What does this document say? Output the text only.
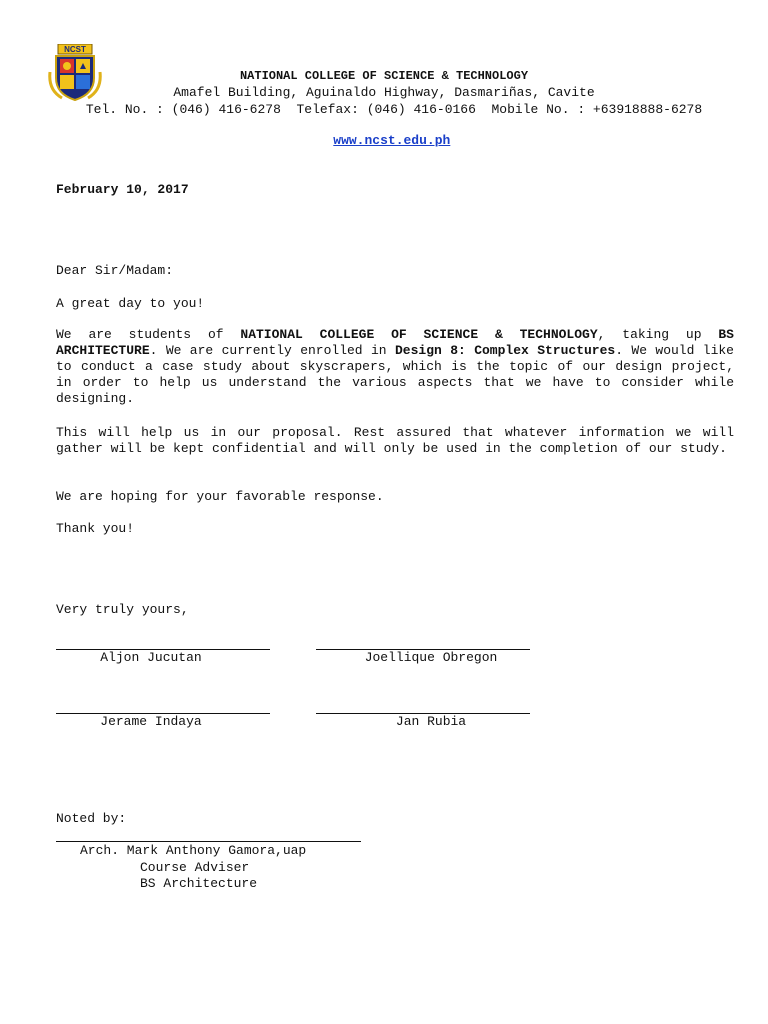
NCST
NATIONAL COLLEGE OF SCIENCE & TECHNOLOGY
Amafel Building, Aguinaldo Highway, Dasmariñas, Cavite
Tel. No. : (046) 416-6278  Telefax: (046) 416-0166  Mobile No. : +63918888-6278

www.ncst.edu.ph

February 10, 2017
Dear Sir/Madam:
A great day to you!
We are students of NATIONAL COLLEGE OF SCIENCE & TECHNOLOGY, taking up BS ARCHITECTURE. We are currently enrolled in Design 8: Complex Structures. We would like to conduct a case study about skyscrapers, which is the topic of our design project, in order to help us understand the various aspects that we have to consider while designing.
This will help us in our proposal. Rest assured that whatever information we will gather will be kept confidential and will only be used in the completion of our study.
We are hoping for your favorable response.
Thank you!
Very truly yours,
Aljon Jucutan	Joellique Obregon
Jerame Indaya	Jan Rubia
Noted by:
Arch. Mark Anthony Gamora,uap
Course Adviser
BS Architecture
